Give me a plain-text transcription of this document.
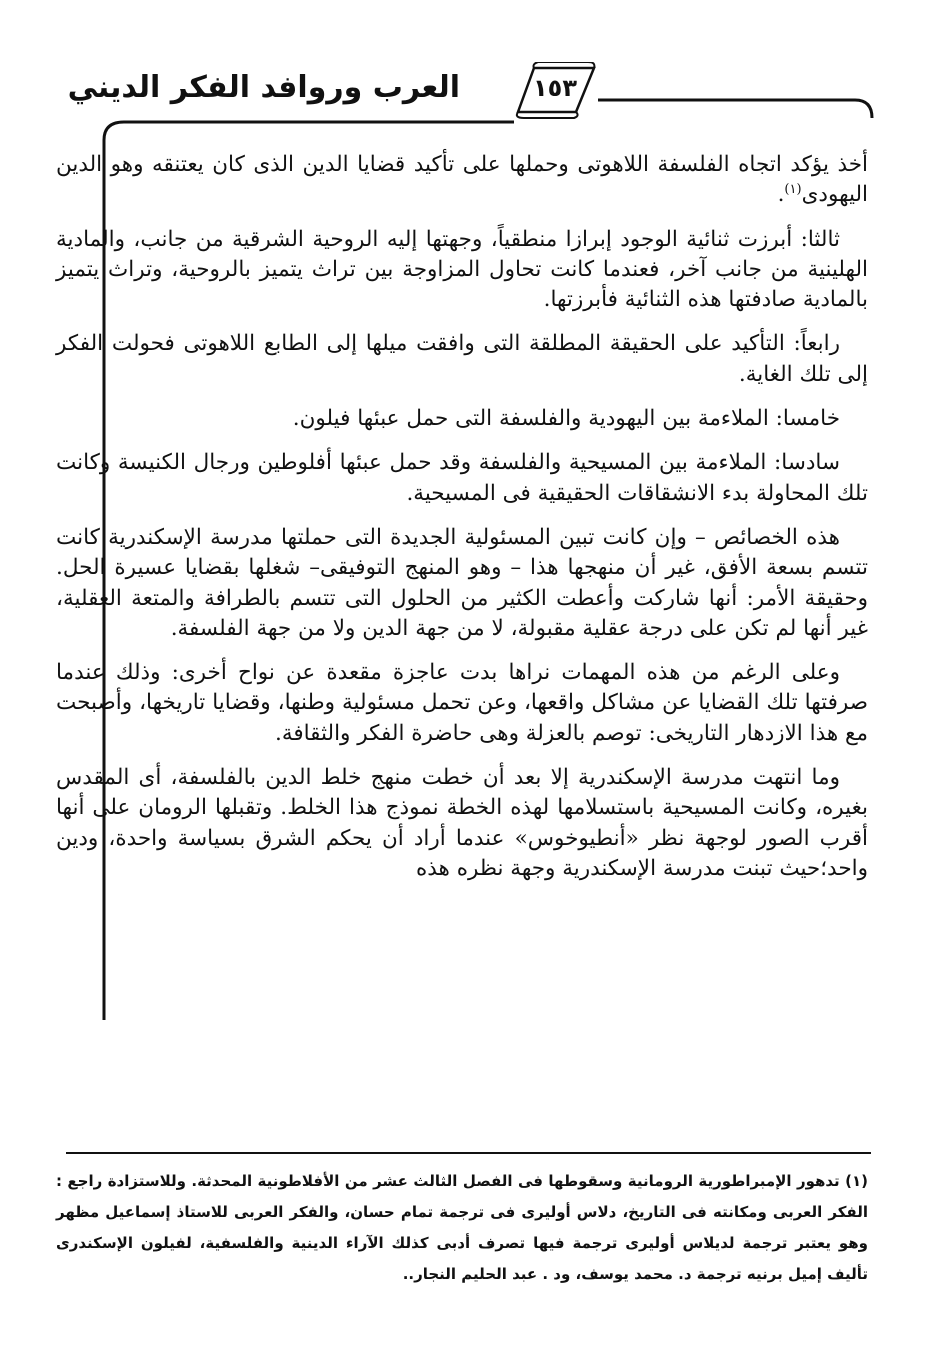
العرب وروافد الفكر الديني	١٥٣

أخذ يؤكد اتجاه الفلسفة اللاهوتى وحملها على تأكيد قضايا الدين الذى كان يعتنقه وهو الدين اليهودى$^{(١)}$.

ثالثا: أبرزت ثنائية الوجود إبرازا منطقياً، وجهتها إليه الروحية الشرقية من جانب، والمادية الهلينية من جانب آخر، فعندما كانت تحاول المزاوجة بين تراث يتميز بالروحية، وتراث يتميز بالمادية صادفتها هذه الثنائية فأبرزتها.

رابعاً: التأكيد على الحقيقة المطلقة التى وافقت ميلها إلى الطابع اللاهوتى فحولت الفكر إلى تلك الغاية.

خامسا: الملاءمة بين اليهودية والفلسفة التى حمل عبئها فيلون.

سادسا: الملاءمة بين المسيحية والفلسفة وقد حمل عبئها أفلوطين ورجال الكنيسة وكانت تلك المحاولة بدء الانشقاقات الحقيقية فى المسيحية.

هذه الخصائص – وإن كانت تبين المسئولية الجديدة التى حملتها مدرسة الإسكندرية كانت تتسم بسعة الأفق، غير أن منهجها هذا – وهو المنهج التوفيقى– شغلها بقضايا عسيرة الحل. وحقيقة الأمر: أنها شاركت وأعطت الكثير من الحلول التى تتسم بالطرافة والمتعة العقلية، غير أنها لم تكن على درجة عقلية مقبولة، لا من جهة الدين ولا من جهة الفلسفة.

وعلى الرغم من هذه المهمات نراها بدت عاجزة مقعدة عن نواح أخرى: وذلك عندما صرفتها تلك القضايا عن مشاكل واقعها، وعن تحمل مسئولية وطنها، وقضايا تاريخها، وأصبحت مع هذا الازدهار التاريخى: توصم بالعزلة وهى حاضرة الفكر والثقافة.

وما انتهت مدرسة الإسكندرية إلا بعد أن خطت منهج خلط الدين بالفلسفة، أى المقدس بغيره، وكانت المسيحية باستسلامها لهذه الخطة نموذج هذا الخلط. وتقبلها الرومان على أنها أقرب الصور لوجهة نظر «أنطيوخوس» عندما أراد أن يحكم الشرق بسياسة واحدة، ودين واحد؛حيث تبنت مدرسة الإسكندرية وجهة نظره هذه

(١) تدهور الإمبراطورية الرومانية وسقوطها فى الفصل الثالث عشر من الأفلاطونية المحدثة. وللاستزادة راجع : الفكر العربى ومكانته فى التاريخ، دلاس أوليرى فى ترجمة تمام حسان، والفكر العربى للاستاذ إسماعيل مظهر وهو يعتبر ترجمة لديلاس أوليرى ترجمة فيها تصرف أدبى كذلك الآراء الدينية والفلسفية، لفيلون الإسكندرى تأليف إميل برنيه ترجمة د. محمد يوسف، ود . عبد الحليم النجار..
